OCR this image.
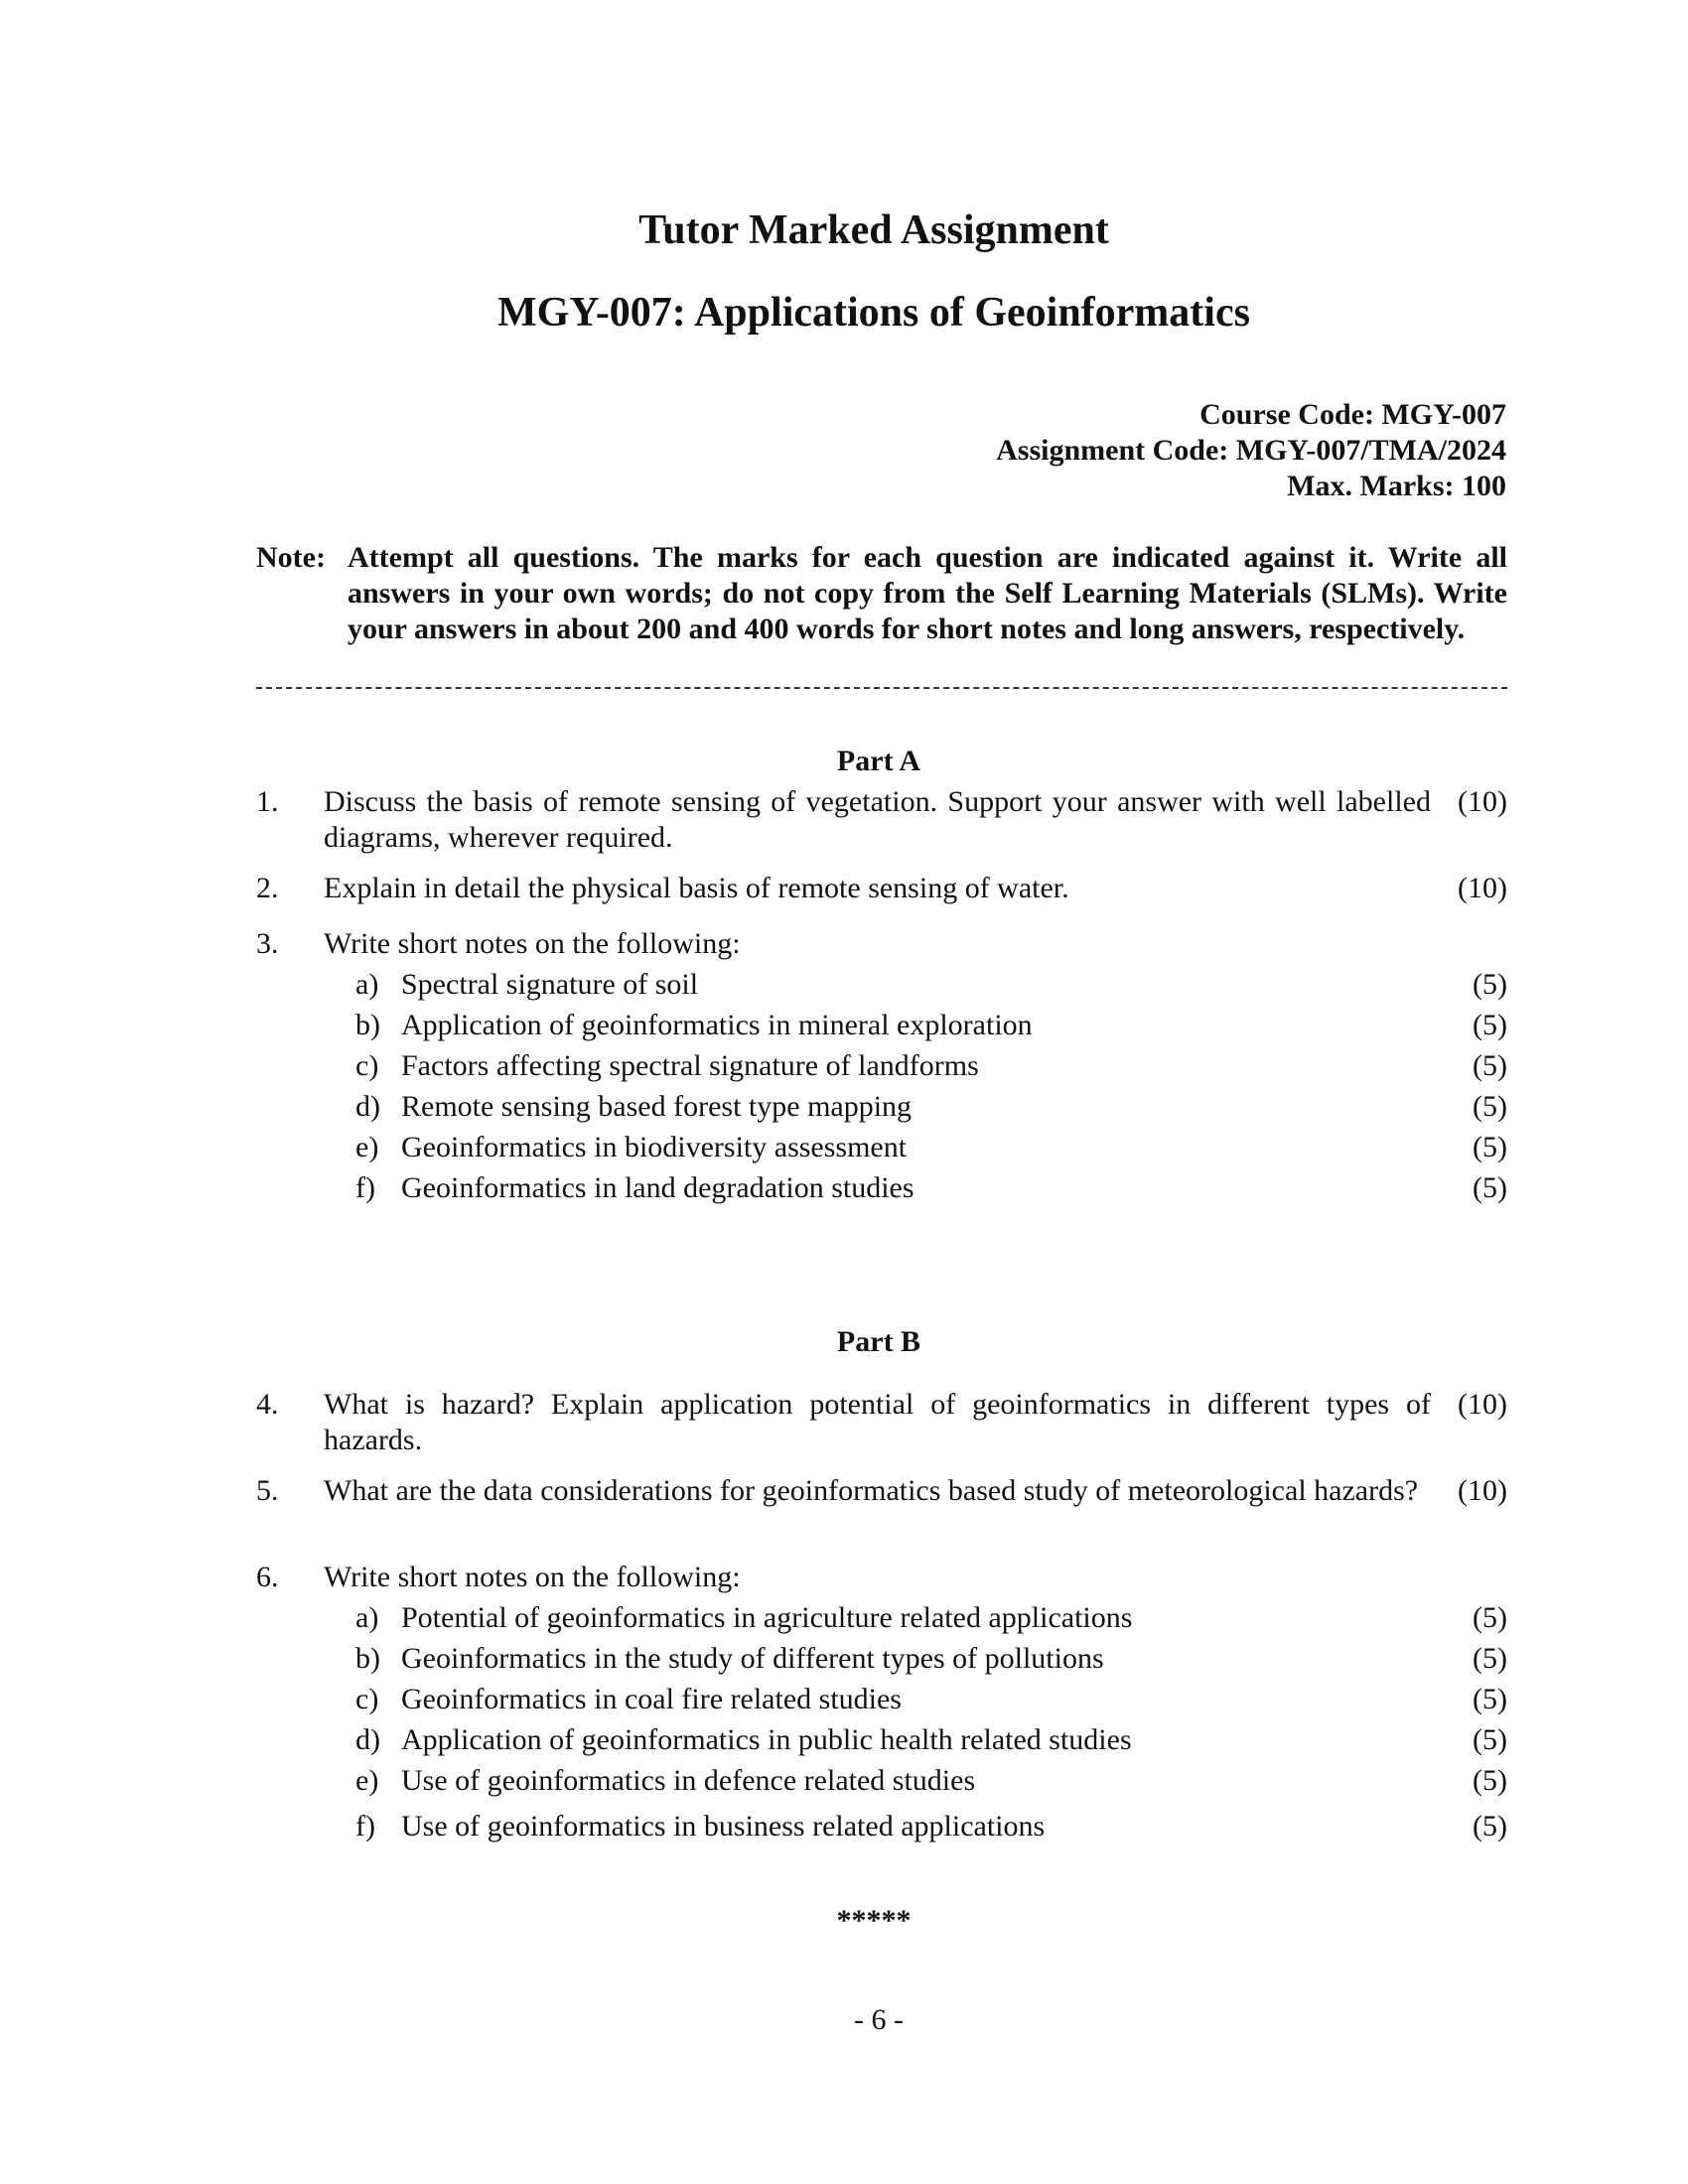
Tutor Marked Assignment
MGY-007: Applications of Geoinformatics
Course Code: MGY-007
Assignment Code: MGY-007/TMA/2024
Max. Marks: 100
Note: Attempt all questions. The marks for each question are indicated against it. Write all answers in your own words; do not copy from the Self Learning Materials (SLMs). Write your answers in about 200 and 400 words for short notes and long answers, respectively.
Part A
1. Discuss the basis of remote sensing of vegetation. Support your answer with well labelled diagrams, wherever required.
(10)
2. Explain in detail the physical basis of remote sensing of water.	(10)
3. Write short notes on the following:
a) Spectral signature of soil	(5)
b) Application of geoinformatics in mineral exploration	(5)
c) Factors affecting spectral signature of landforms	(5)
d) Remote sensing based forest type mapping	(5)
e) Geoinformatics in biodiversity assessment	(5)
f) Geoinformatics in land degradation studies	(5)
Part B
4. What is hazard? Explain application potential of geoinformatics in different types of hazards.
(10)
5. What are the data considerations for geoinformatics based study of meteorological hazards?	(10)
6. Write short notes on the following:
a) Potential of geoinformatics in agriculture related applications	(5)
b) Geoinformatics in the study of different types of pollutions	(5)
c) Geoinformatics in coal fire related studies	(5)
d) Application of geoinformatics in public health related studies	(5)
e) Use of geoinformatics in defence related studies	(5)
f) Use of geoinformatics in business related applications	(5)
*****
- 6 -
